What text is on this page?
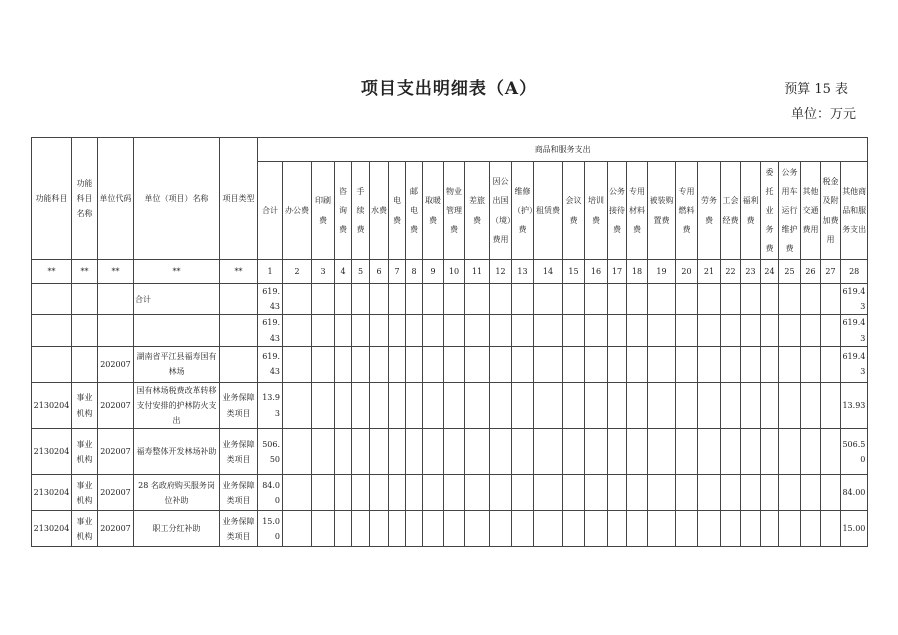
项目支出明细表（A）	预算 15 表
单位：万元
功能科目	功能科目名称	单位代码	单位（项目）名称	项目类型	商品和服务支出																											
					合计	办公费	印刷费	咨询费	手续费	水费	电费	邮电费	取暖费	物业管理费	差旅费	因公出国（境）费用	维修（护）费	租赁费	会议费	培训费	公务接待费	专用材料费	被装购置费	专用燃料费	劳务费	工会经费	福利费	委托业务费	公务用车运行维护费	其他交通费用	税金及附加费用	其他商品和服务支出
**	**	**	**	**	1	2	3	4	5	6	7	8	9	10	11	12	13	14	15	16	17	18	19	20	21	22	23	24	25	26	27	28
			合计		619.43																											619.43
					619.43																											619.43
		202007	湖南省平江县福寿国有林场		619.43																											619.43
2130204	事业机构	202007	国有林场税费改革转移支付安排的护林防火支出	业务保障类项目	13.93																											13.93
2130204	事业机构	202007	福寿整体开发林场补助	业务保障类项目	506.50																											506.50
2130204	事业机构	202007	28 名政府购买服务岗位补助	业务保障类项目	84.00																											84.00
2130204	事业机构	202007	职工分红补助	业务保障类项目	15.00																											15.00
